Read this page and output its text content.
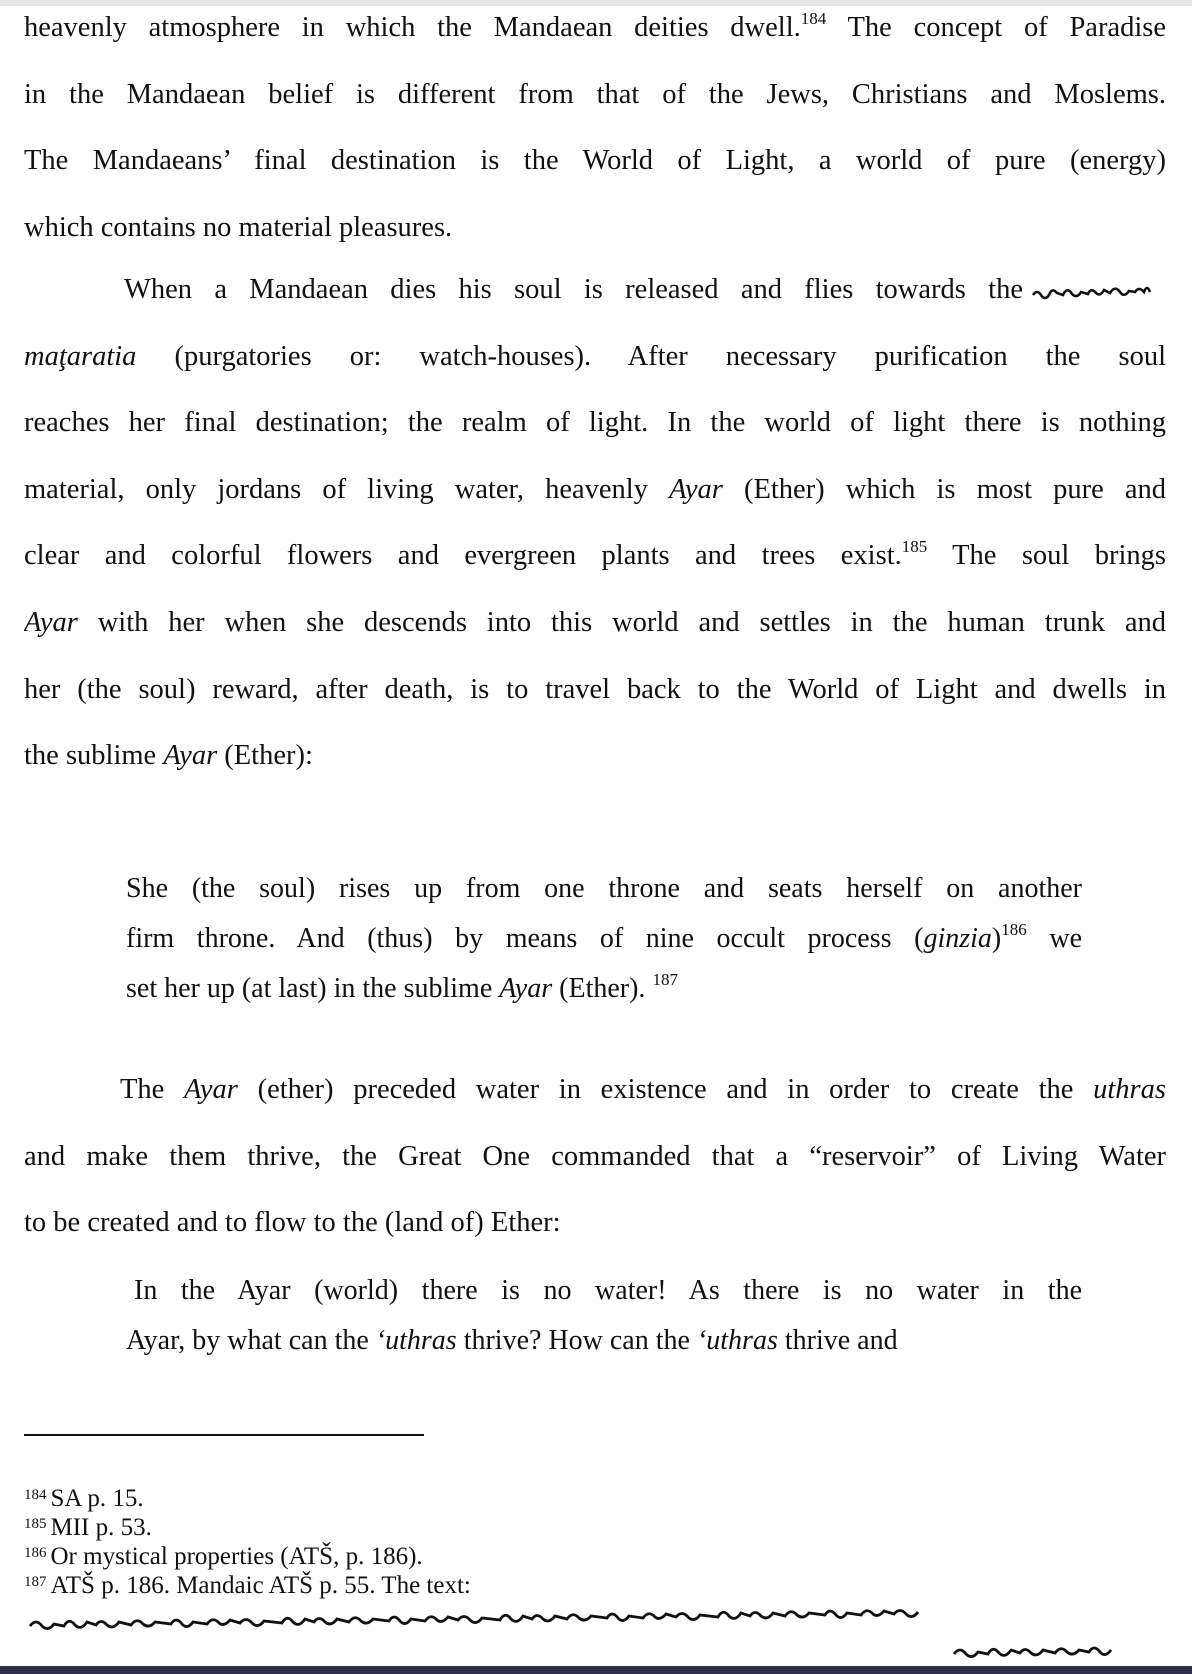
heavenly atmosphere in which the Mandaean deities dwell.$^{184}$ The concept of Paradise
in the Mandaean belief is different from that of the Jews, Christians and Moslems.
The Mandaeans’ final destination is the World of Light, a world of pure (energy)
which contains no material pleasures.
When a Mandaean dies his soul is released and flies towards the
maţaratia (purgatories or: watch-houses). After necessary purification the soul
reaches her final destination; the realm of light. In the world of light there is nothing
material, only jordans of living water, heavenly Ayar (Ether) which is most pure and
clear and colorful flowers and evergreen plants and trees exist.$^{185}$ The soul brings
Ayar with her when she descends into this world and settles in the human trunk and
her (the soul) reward, after death, is to travel back to the World of Light and dwells in
the sublime Ayar (Ether):
She (the soul) rises up from one throne and seats herself on another
firm throne. And (thus) by means of nine occult process (ginzia)$^{186}$ we
set her up (at last) in the sublime Ayar (Ether). $^{187}$
The Ayar (ether) preceded water in existence and in order to create the uthras
and make them thrive, the Great One commanded that a “reservoir” of Living Water
to be created and to flow to the (land of) Ether:
In the Ayar (world) there is no water! As there is no water in the
Ayar, by what can the ‘uthras thrive? How can the ‘uthras thrive and
$^{184}$ SA p. 15.
$^{185}$ MII p. 53.
$^{186}$ Or mystical properties (ATŠ, p. 186).
$^{187}$ ATŠ p. 186. Mandaic ATŠ p. 55. The text:
